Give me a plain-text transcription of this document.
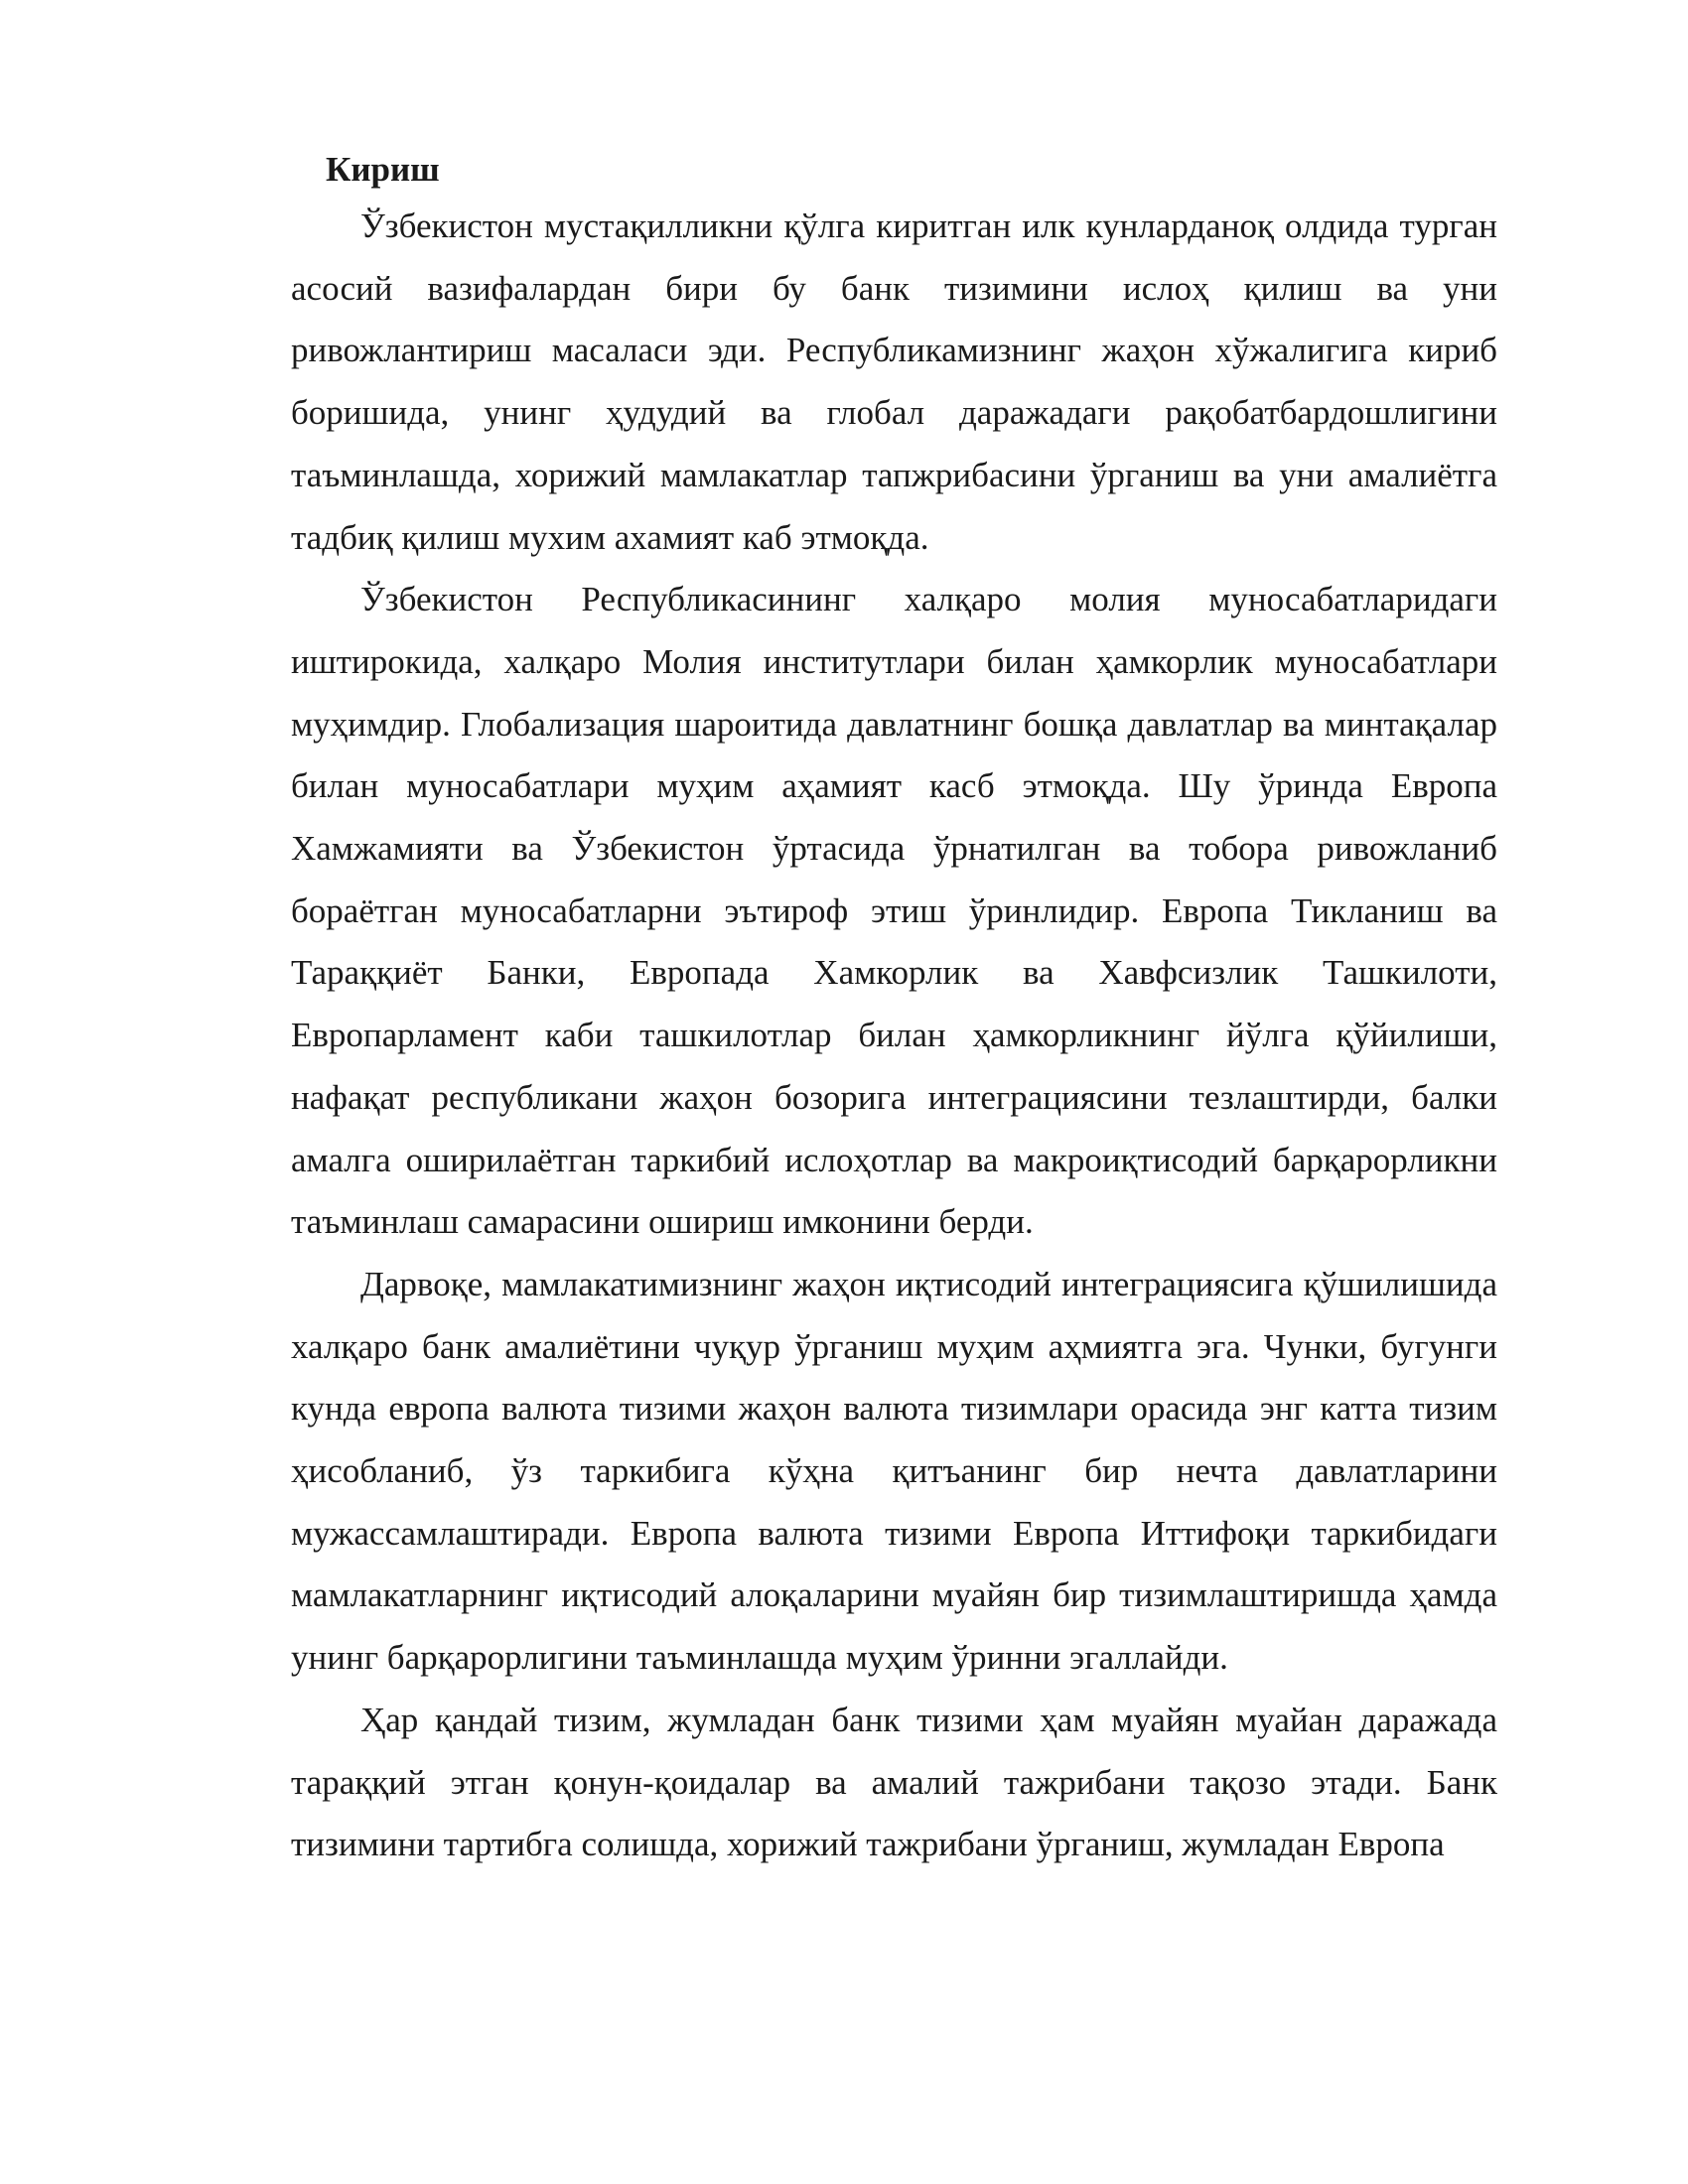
Кириш

Ўзбекистон мустақилликни қўлга киритган илк кунларданоқ олдида турган асосий вазифалардан бири бу банк тизимини ислоҳ қилиш ва уни ривожлантириш масаласи эди. Республикамизнинг жаҳон хўжалигига кириб боришида, унинг ҳудудий ва глобал даражадаги рақобатбардошлигини таъминлашда, хорижий мамлакатлар тапжрибасини ўрганиш ва уни амалиётга тадбиқ қилиш мухим ахамият каб этмоқда.

Ўзбекистон Республикасининг халқаро молия муносабатларидаги иштирокида, халқаро Молия институтлари билан ҳамкорлик муносабатлари муҳимдир. Глобализация шароитида давлатнинг бошқа давлатлар ва минтақалар билан муносабатлари муҳим аҳамият касб этмоқда. Шу ўринда Европа Хамжамияти ва Ўзбекистон ўртасида ўрнатилган ва тобора ривожланиб бораётган муносабатларни эътироф этиш ўринлидир. Европа Тикланиш ва Тараққиёт Банки, Европада Хамкорлик ва Хавфсизлик Ташкилоти, Европарламент каби ташкилотлар билан ҳамкорликнинг йўлга қўйилиши, нафақат республикани жаҳон бозорига интеграциясини тезлаштирди, балки амалга оширилаётган таркибий ислоҳотлар ва макроиқтисодий барқарорликни таъминлаш самарасини ошириш имконини берди.

Дарвоқе, мамлакатимизнинг жаҳон иқтисодий интеграциясига қўшилишида халқаро банк амалиётини чуқур ўрганиш муҳим аҳмиятга эга. Чунки, бугунги кунда европа валюта тизими жаҳон валюта тизимлари орасида энг катта тизим ҳисобланиб, ўз таркибига кўҳна қитъанинг бир нечта давлатларини мужассамлаштиради. Европа валюта тизими Европа Иттифоқи таркибидаги мамлакатларнинг иқтисодий алоқаларини муайян бир тизимлаштиришда ҳамда унинг барқарорлигини таъминлашда муҳим ўринни эгаллайди.

Ҳар қандай тизим, жумладан банк тизими ҳам муайян муайан даражада тараққий этган қонун-қоидалар ва амалий тажрибани тақозо этади. Банк тизимини тартибга солишда, хорижий тажрибани ўрганиш, жумладан Европа
